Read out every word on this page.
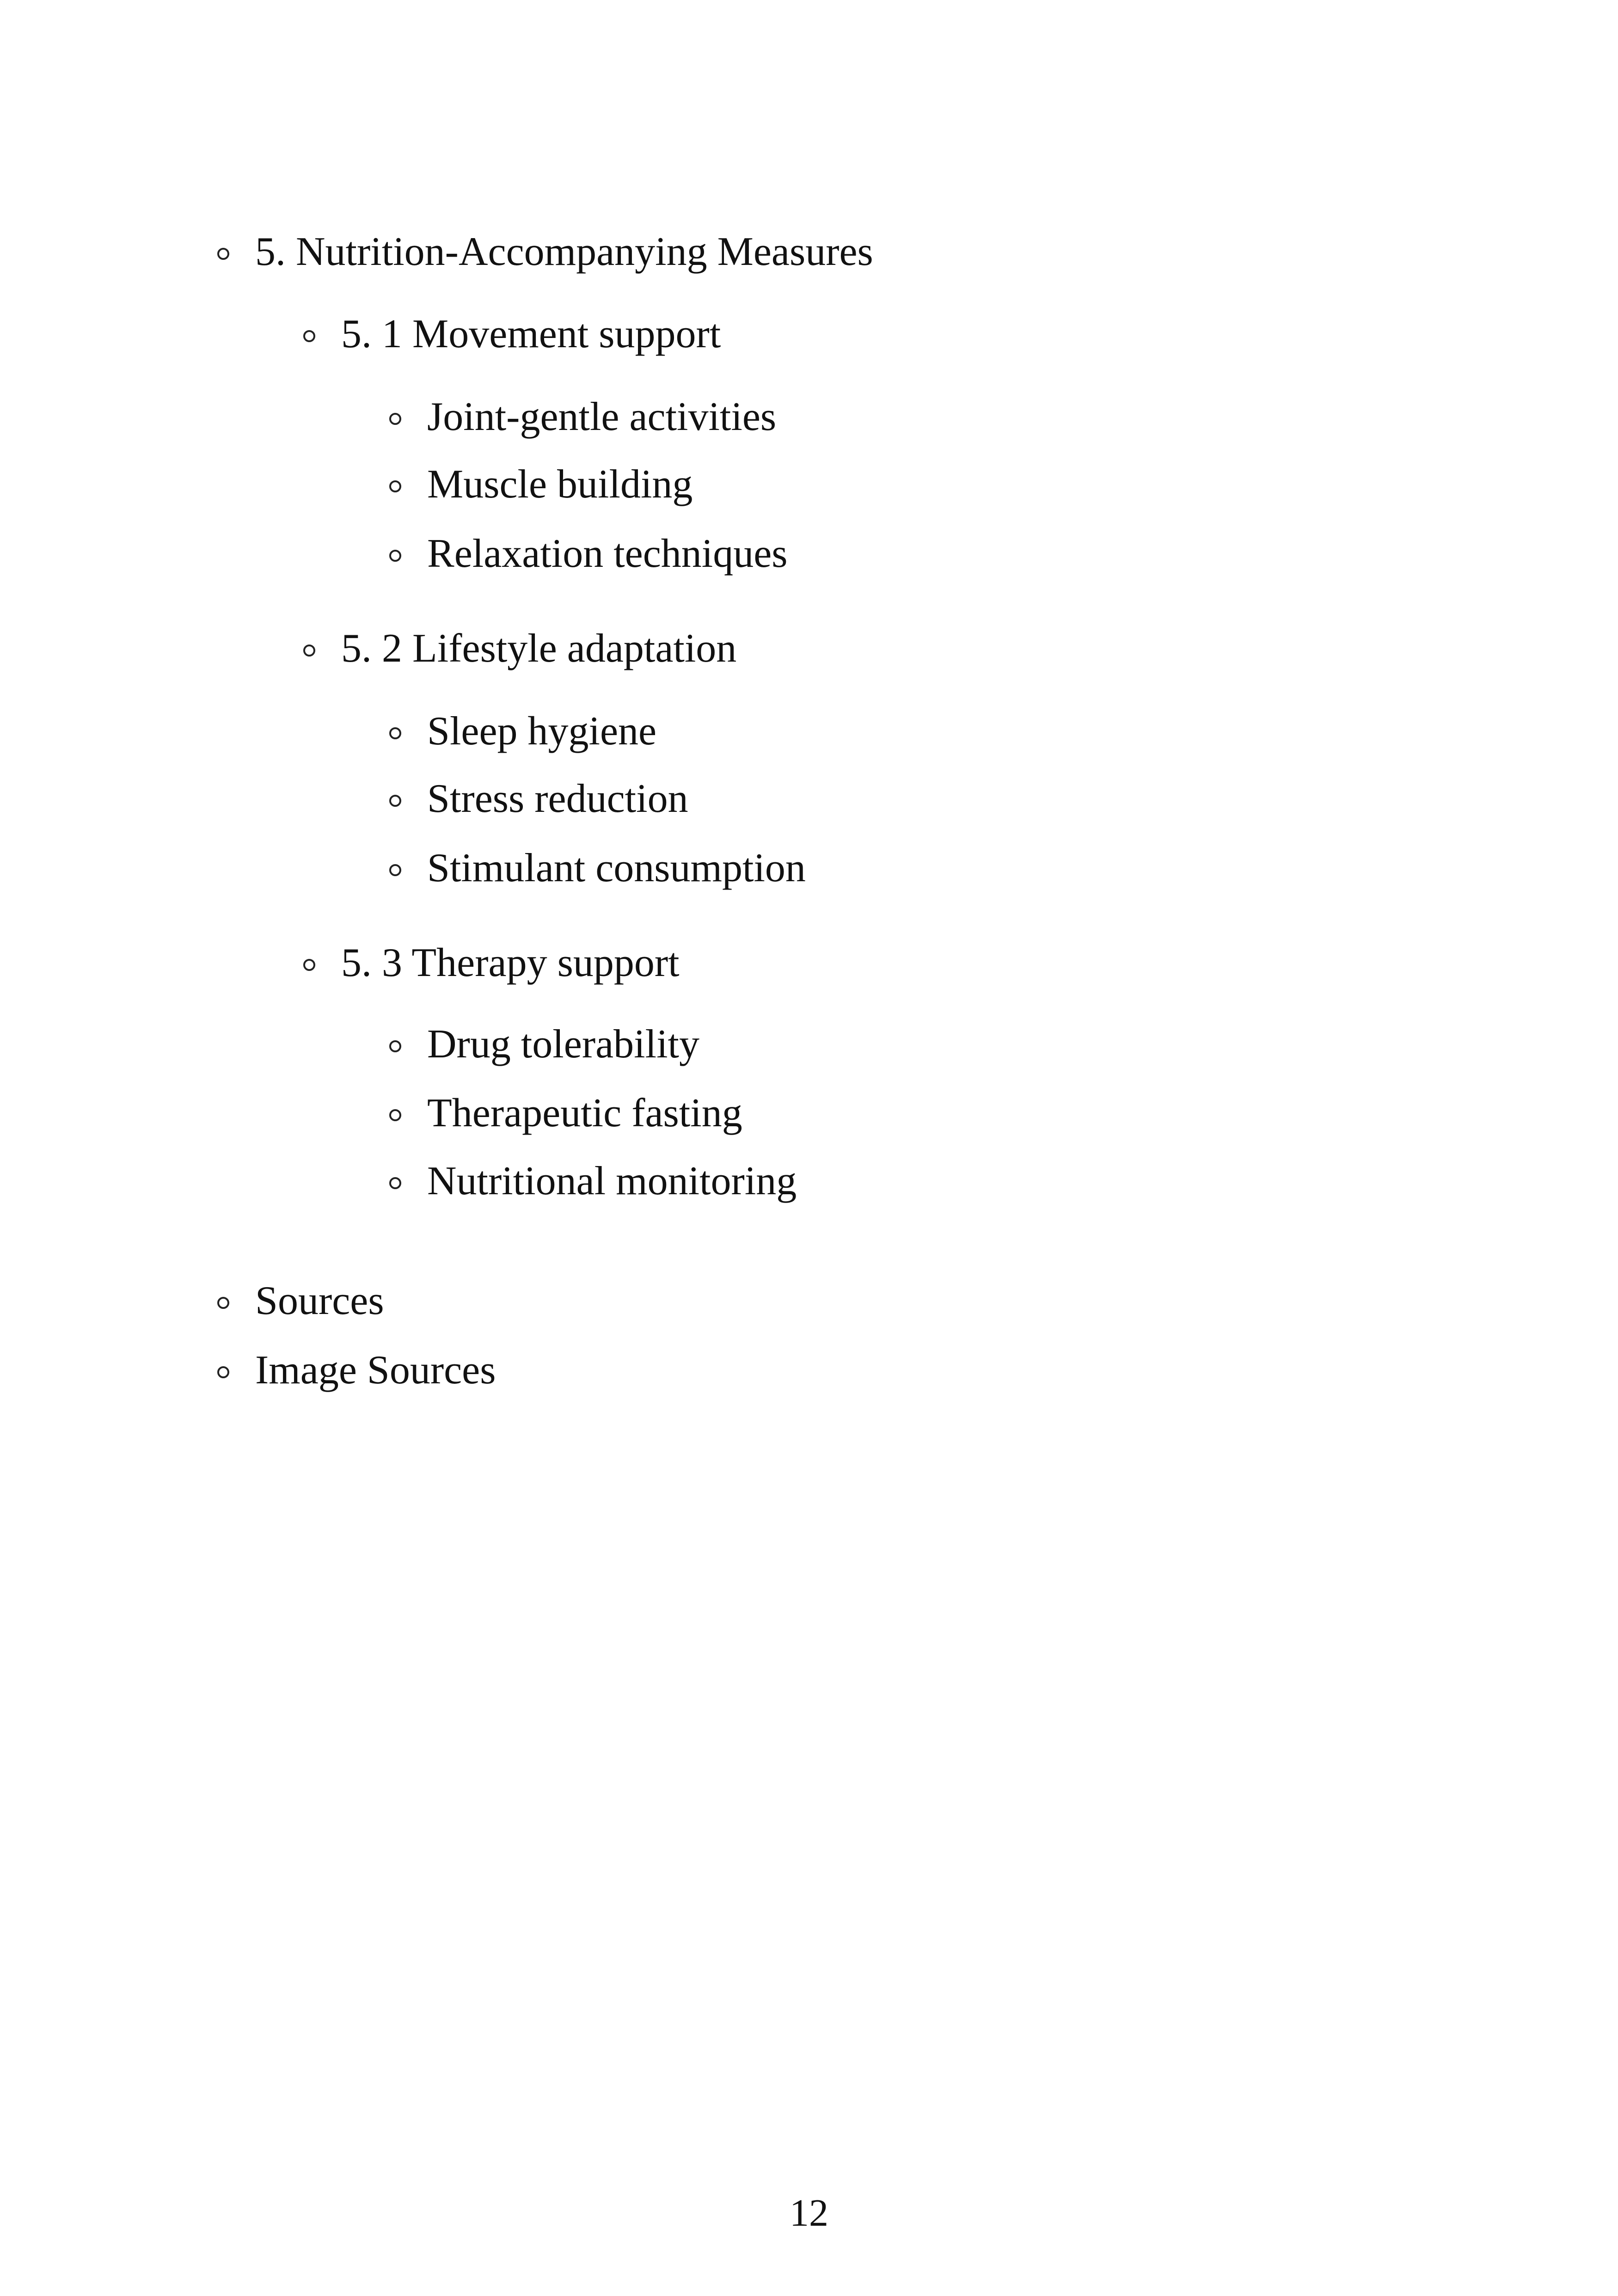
5. Nutrition-Accompanying Measures
5. 1 Movement support
Joint-gentle activities
Muscle building
Relaxation techniques
5. 2 Lifestyle adaptation
Sleep hygiene
Stress reduction
Stimulant consumption
5. 3 Therapy support
Drug tolerability
Therapeutic fasting
Nutritional monitoring
Sources
Image Sources
12
